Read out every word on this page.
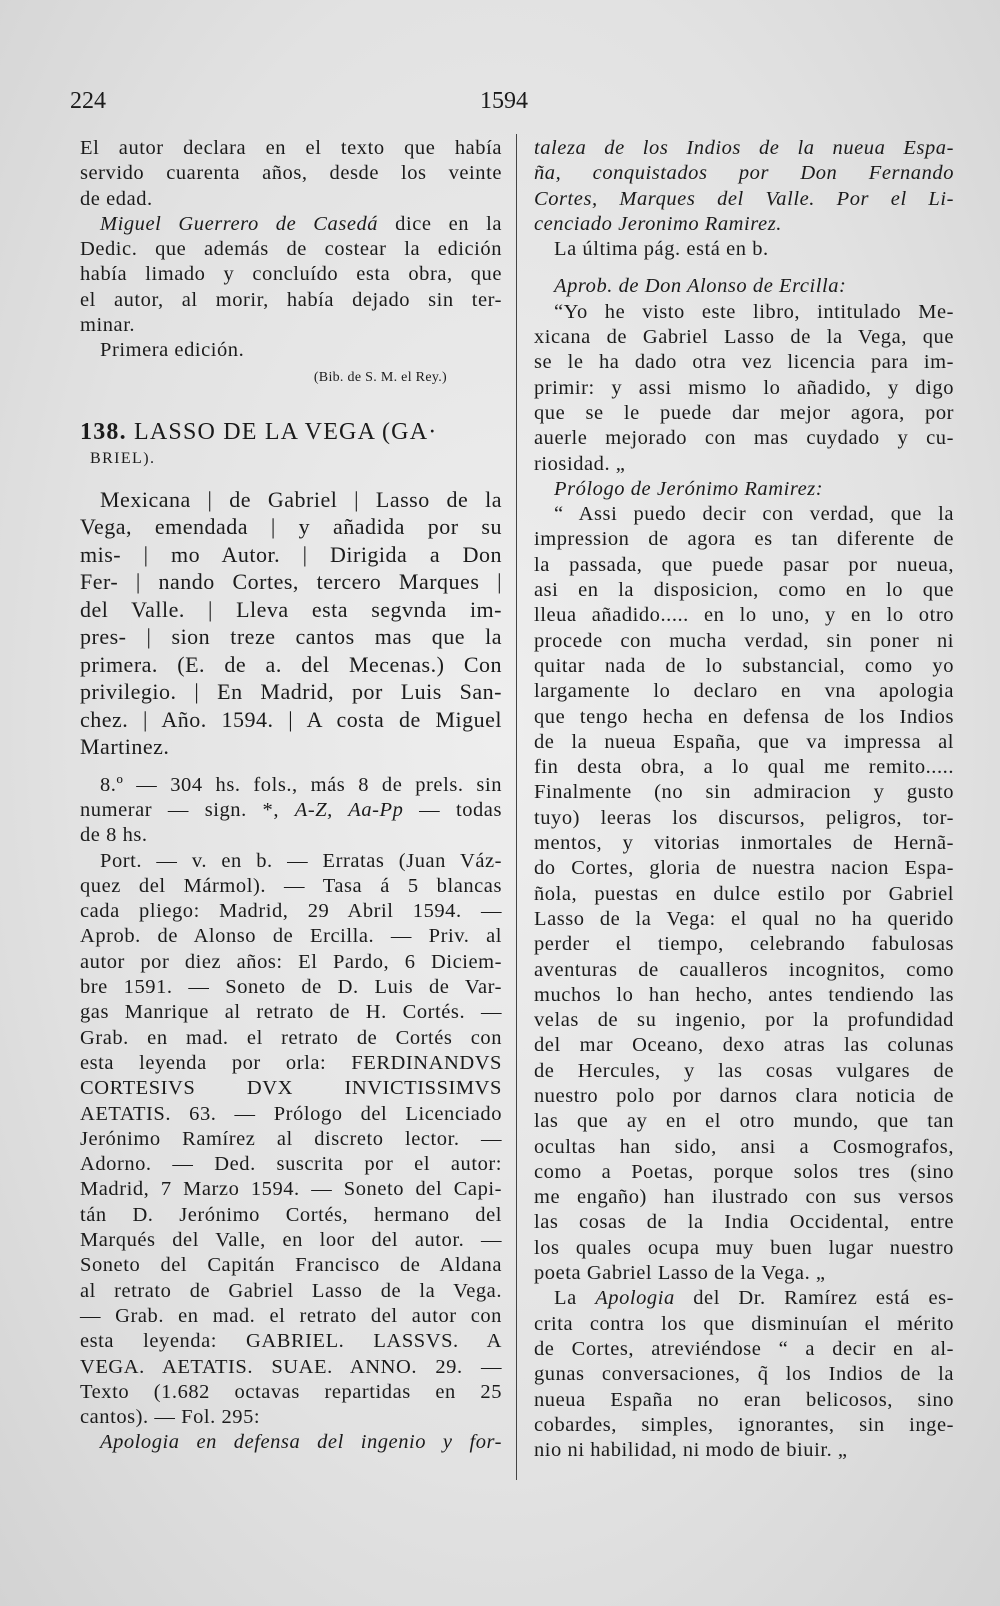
224	1594
El autor declara en el texto que había
servido cuarenta años, desde los veinte
de edad.
Miguel Guerrero de Casedá dice en la
Dedic. que además de costear la edición
había limado y concluído esta obra, que
el autor, al morir, había dejado sin ter-
minar.
Primera edición.
(Bib. de S. M. el Rey.)
138. LASSO DE LA VEGA (GA·
BRIEL).
Mexicana | de Gabriel | Lasso de la
Vega, emendada | y añadida por su
mis- | mo Autor. | Dirigida a Don
Fer- | nando Cortes, tercero Marques |
del Valle. | Lleva esta segvnda im-
pres- | sion treze cantos mas que la
primera. (E. de a. del Mecenas.) Con
privilegio. | En Madrid, por Luis San-
chez. | Año. 1594. | A costa de Miguel
Martinez.
8.º — 304 hs. fols., más 8 de prels. sin
numerar — sign. *, A-Z, Aa-Pp — todas
de 8 hs.
Port. — v. en b. — Erratas (Juan Váz-
quez del Mármol). — Tasa á 5 blancas
cada pliego: Madrid, 29 Abril 1594. —
Aprob. de Alonso de Ercilla. — Priv. al
autor por diez años: El Pardo, 6 Diciem-
bre 1591. — Soneto de D. Luis de Var-
gas Manrique al retrato de H. Cortés. —
Grab. en mad. el retrato de Cortés con
esta leyenda por orla: FERDINANDVS
CORTESIVS DVX INVICTISSIMVS
AETATIS. 63. — Prólogo del Licenciado
Jerónimo Ramírez al discreto lector. —
Adorno. — Ded. suscrita por el autor:
Madrid, 7 Marzo 1594. — Soneto del Capi-
tán D. Jerónimo Cortés, hermano del
Marqués del Valle, en loor del autor. —
Soneto del Capitán Francisco de Aldana
al retrato de Gabriel Lasso de la Vega.
— Grab. en mad. el retrato del autor con
esta leyenda: GABRIEL. LASSVS. A
VEGA. AETATIS. SUAE. ANNO. 29. —
Texto (1.682 octavas repartidas en 25
cantos). — Fol. 295:
Apologia en defensa del ingenio y for-
taleza de los Indios de la nueua Espa-
ña, conquistados por Don Fernando
Cortes, Marques del Valle. Por el Li-
cenciado Jeronimo Ramirez.
La última pág. está en b.
Aprob. de Don Alonso de Ercilla:
“Yo he visto este libro, intitulado Me-
xicana de Gabriel Lasso de la Vega, que
se le ha dado otra vez licencia para im-
primir: y assi mismo lo añadido, y digo
que se le puede dar mejor agora, por
auerle mejorado con mas cuydado y cu-
riosidad. „
Prólogo de Jerónimo Ramirez:
“ Assi puedo decir con verdad, que la
impression de agora es tan diferente de
la passada, que puede pasar por nueua,
asi en la disposicion, como en lo que
lleua añadido..... en lo uno, y en lo otro
procede con mucha verdad, sin poner ni
quitar nada de lo substancial, como yo
largamente lo declaro en vna apologia
que tengo hecha en defensa de los Indios
de la nueua España, que va impressa al
fin desta obra, a lo qual me remito.....
Finalmente (no sin admiracion y gusto
tuyo) leeras los discursos, peligros, tor-
mentos, y vitorias inmortales de Hernã-
do Cortes, gloria de nuestra nacion Espa-
ñola, puestas en dulce estilo por Gabriel
Lasso de la Vega: el qual no ha querido
perder el tiempo, celebrando fabulosas
aventuras de caualleros incognitos, como
muchos lo han hecho, antes tendiendo las
velas de su ingenio, por la profundidad
del mar Oceano, dexo atras las colunas
de Hercules, y las cosas vulgares de
nuestro polo por darnos clara noticia de
las que ay en el otro mundo, que tan
ocultas han sido, ansi a Cosmografos,
como a Poetas, porque solos tres (sino
me engaño) han ilustrado con sus versos
las cosas de la India Occidental, entre
los quales ocupa muy buen lugar nuestro
poeta Gabriel Lasso de la Vega. „
La Apologia del Dr. Ramírez está es-
crita contra los que disminuían el mérito
de Cortes, atreviéndose “ a decir en al-
gunas conversaciones, q̃ los Indios de la
nueua España no eran belicosos, sino
cobardes, simples, ignorantes, sin inge-
nio ni habilidad, ni modo de biuir. „
